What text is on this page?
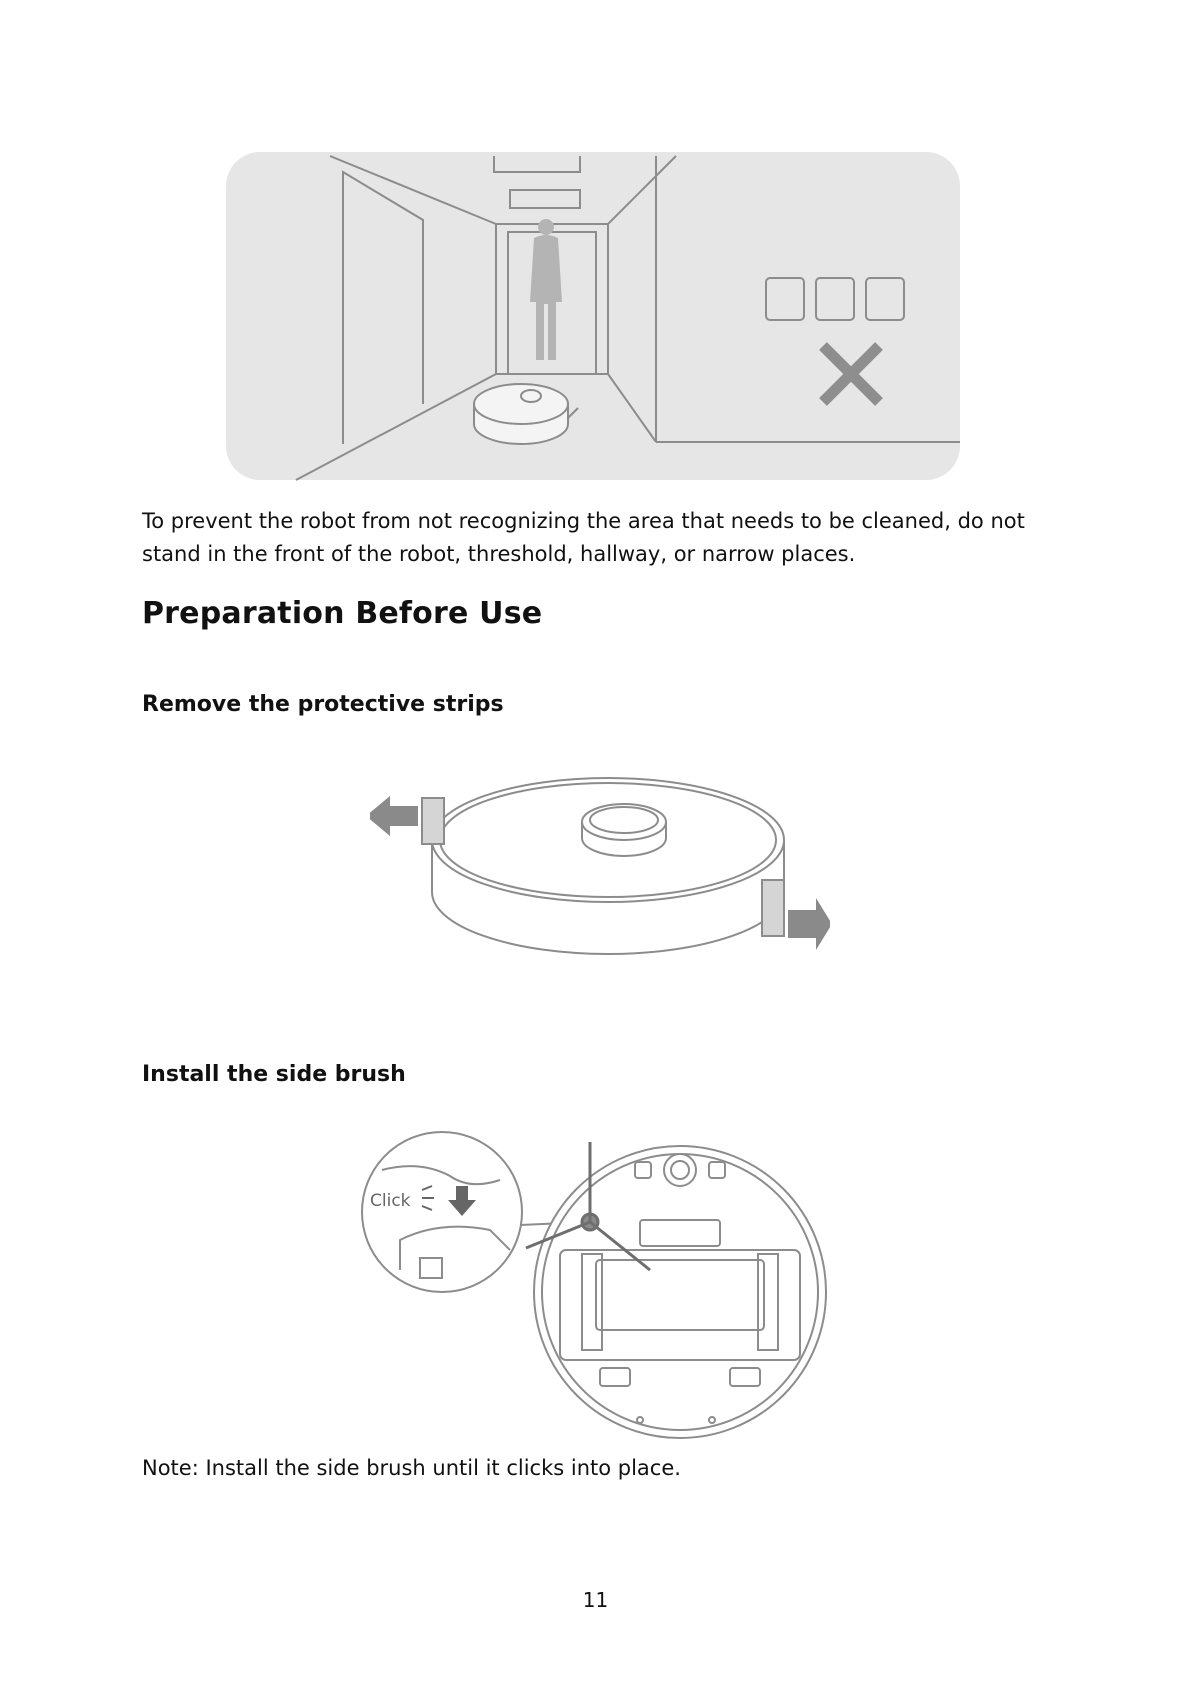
To prevent the robot from not recognizing the area that needs to be cleaned, do not stand in the front of the robot, threshold, hallway, or narrow places.

Preparation Before Use
Remove the protective strips
Install the side brush
Click

Note: Install the side brush until it clicks into place.

11
